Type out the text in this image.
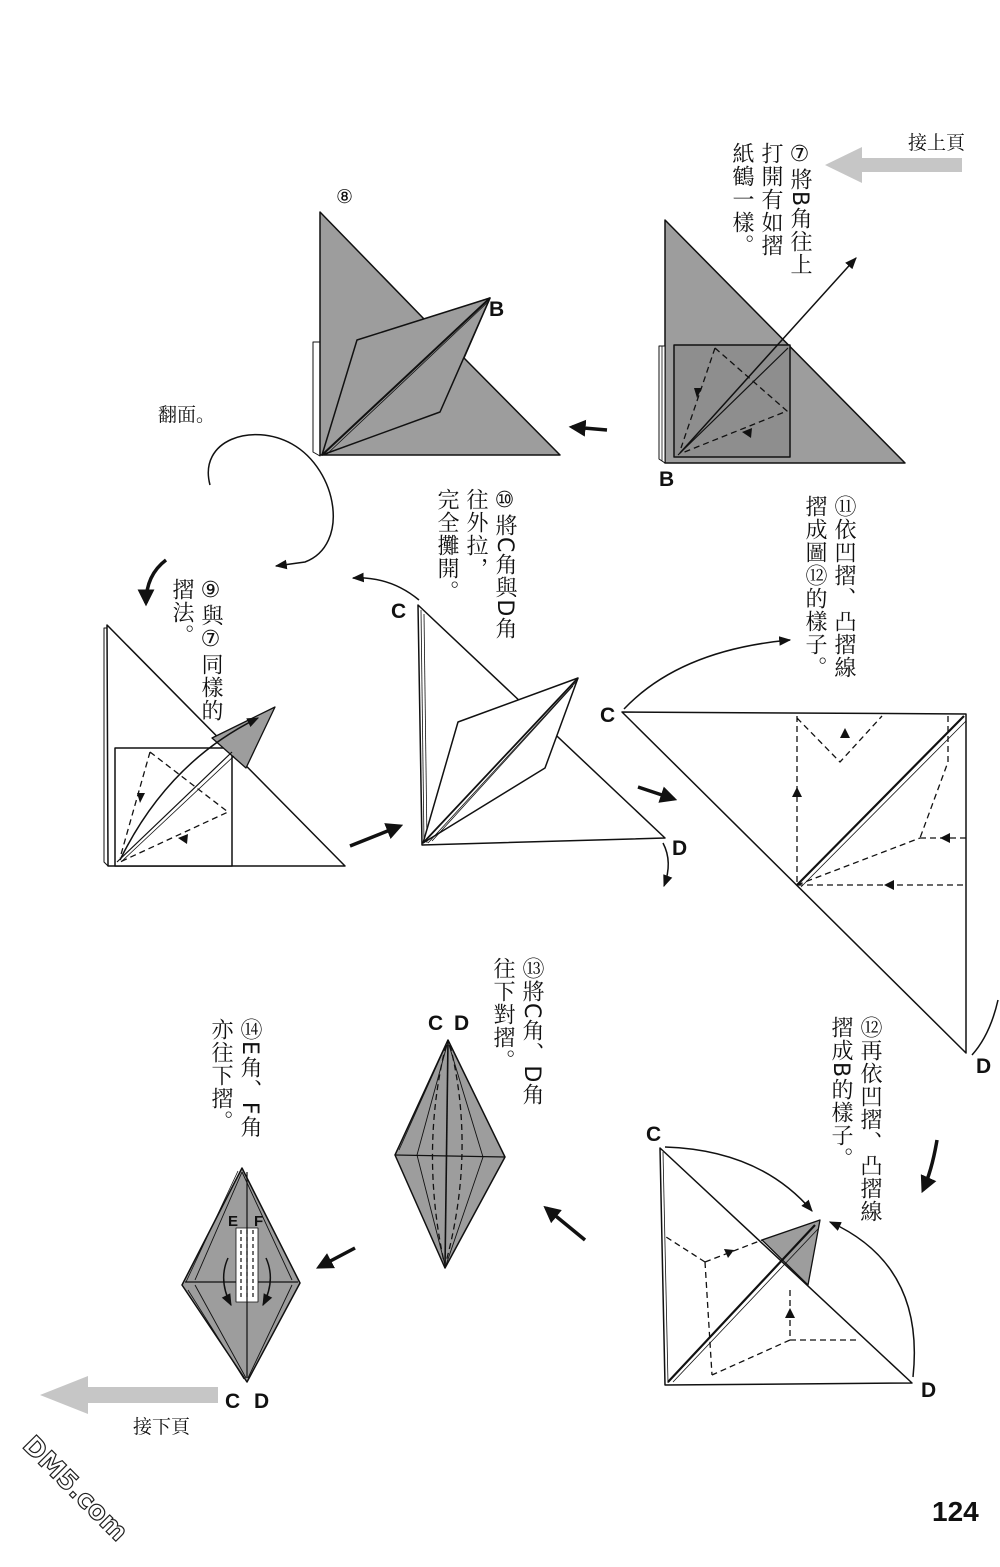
B
⑧
B
C
D
C
D
C
D
C D
E F
C D
接上頁
接下頁
翻面。
⑦將B角往上
打開有如摺
紙鶴一樣。
⑨與⑦同樣的
摺法。	⑩將C角與D角
往外拉，
完全攤開。	⑪依凹摺、凸摺線
摺成圖⑫的樣子。
⑫再依凹摺、凸摺線
摺成B的樣子。
⑬將C角、D角
往下對摺。
⑭E角、F角
亦往下摺。
124
DM5.com
